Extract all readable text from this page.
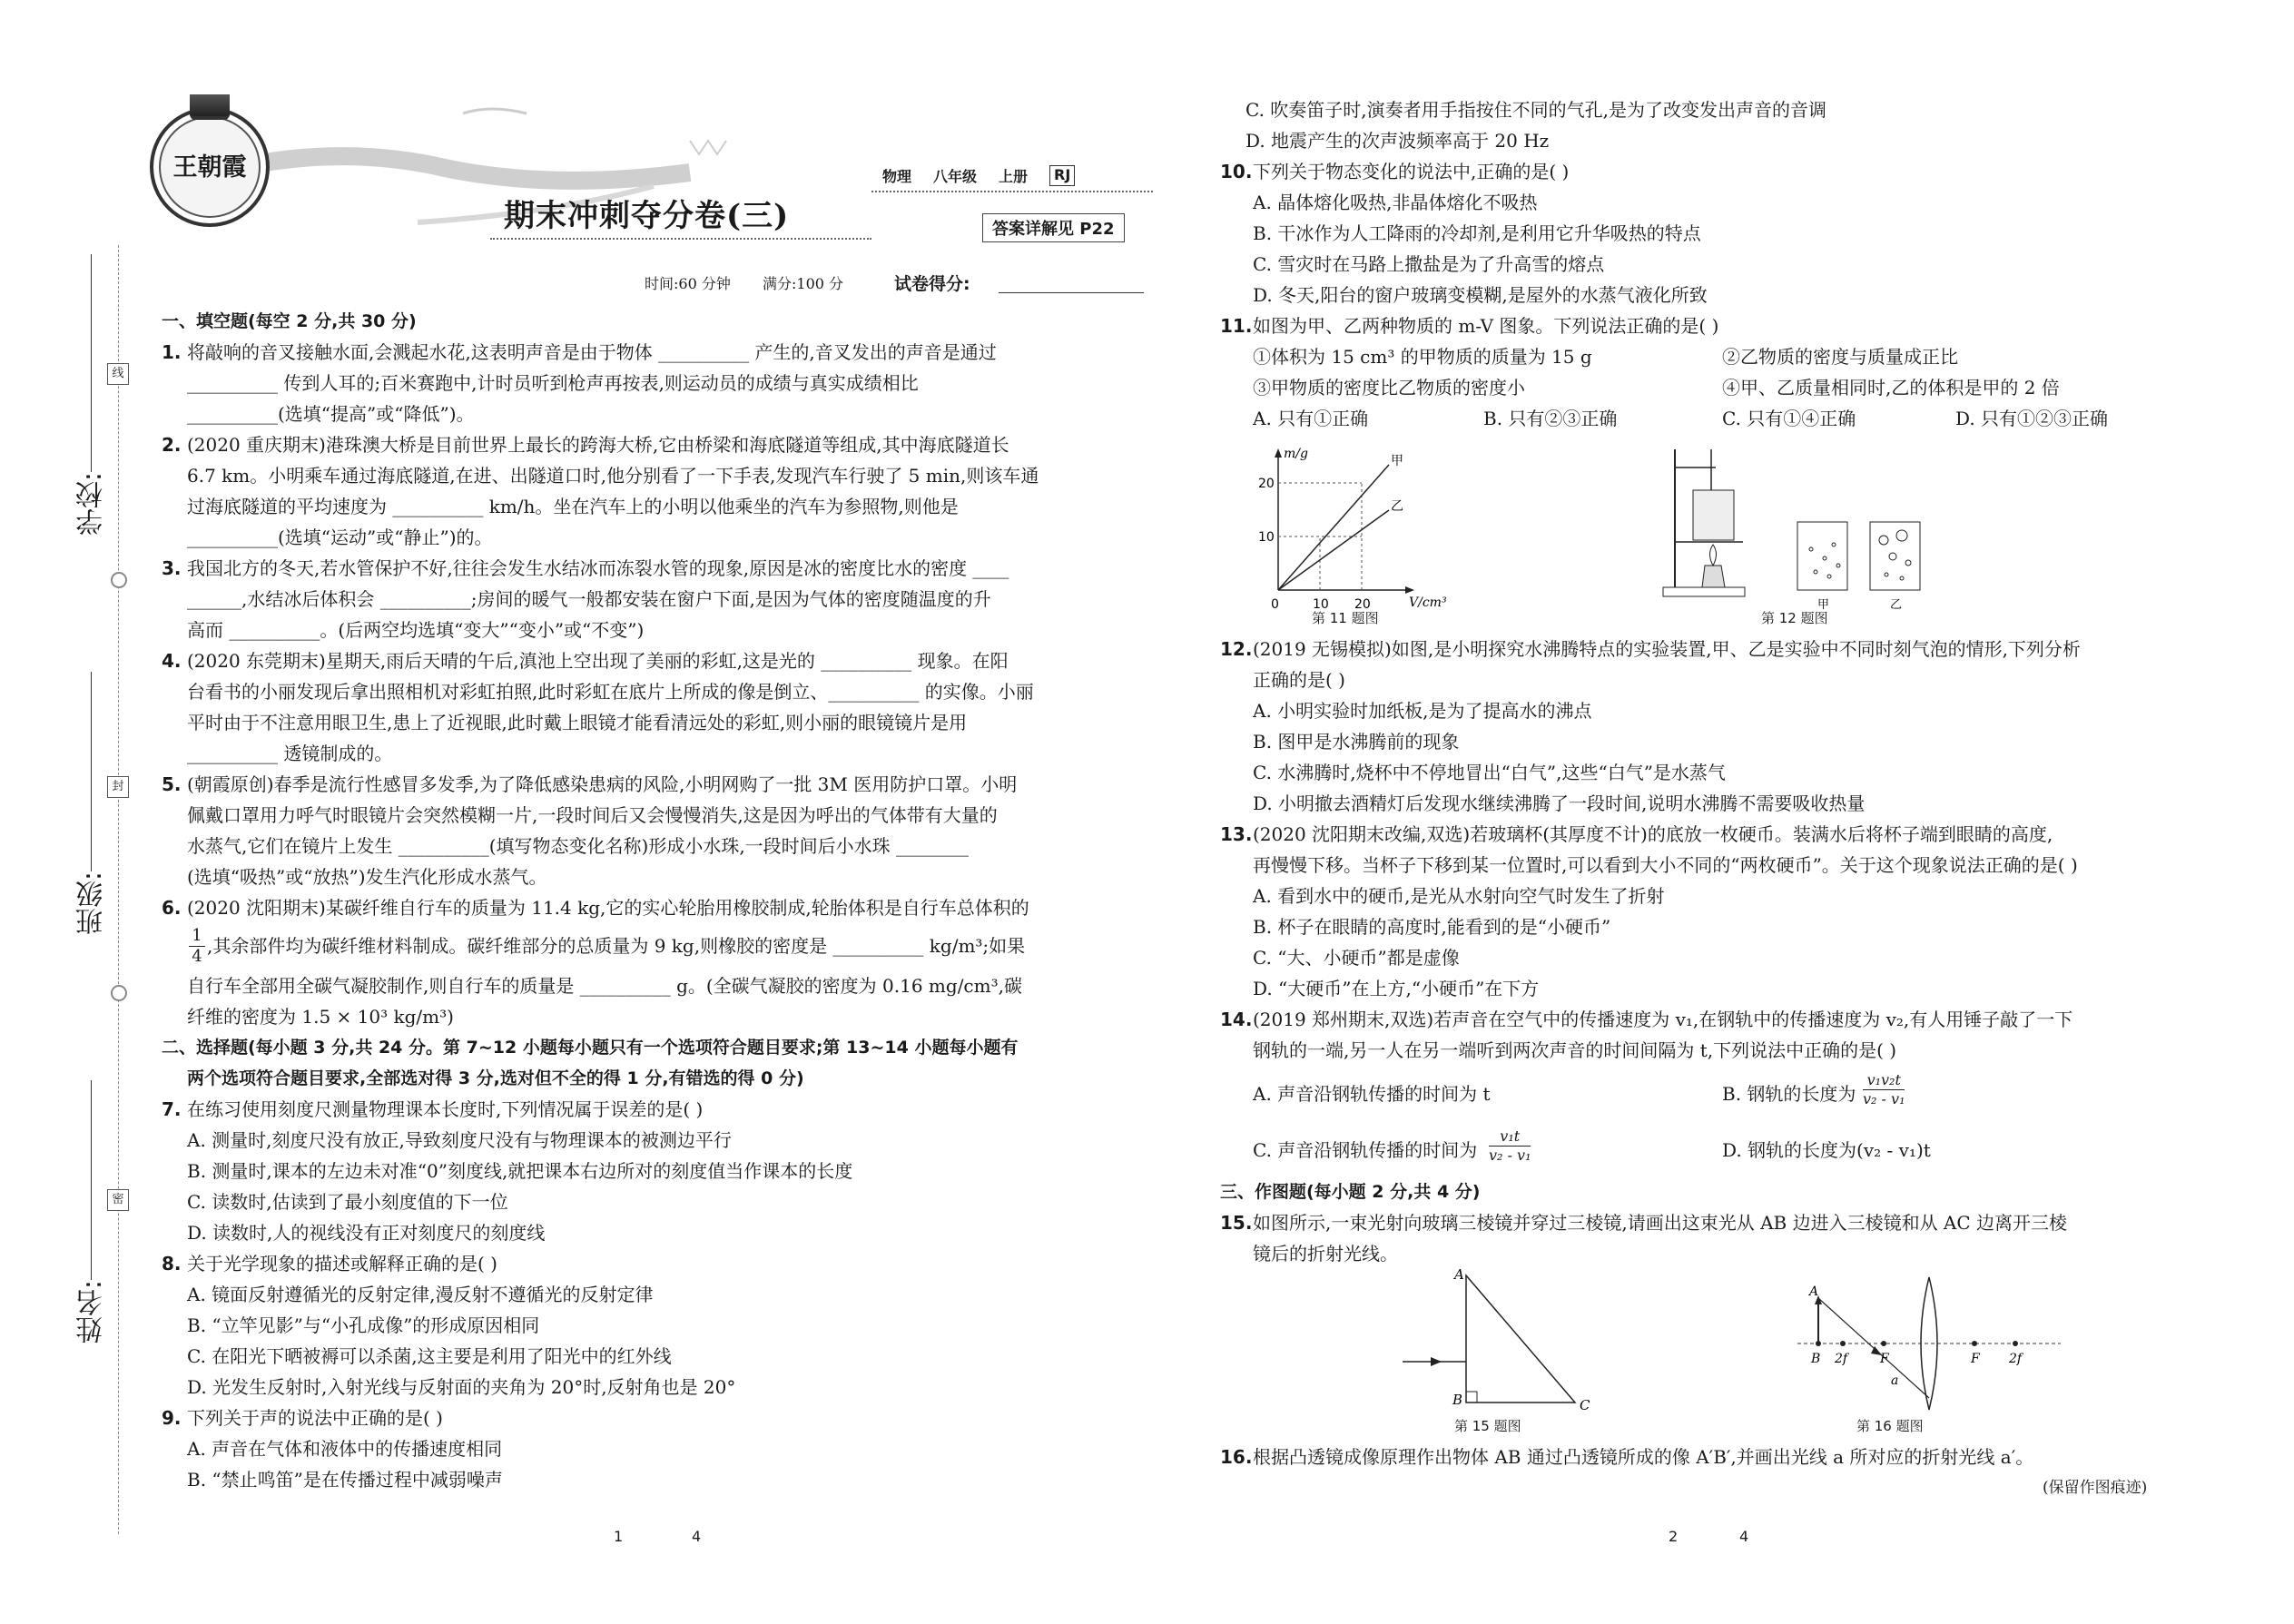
学校:
班级:
姓名:
线
封
密
王朝霞	物理 八年级 上册	RJ
期末冲刺夺分卷(三)	答案详解见 P22
时间:60 分钟 满分:100 分	试卷得分:
一、填空题(每空 2 分,共 30 分)
1. 将敲响的音叉接触水面,会溅起水花,这表明声音是由于物体 __________ 产生的,音叉发出的声音是通过
__________ 传到人耳的;百米赛跑中,计时员听到枪声再按表,则运动员的成绩与真实成绩相比
__________(选填“提高”或“降低”)。
2. (2020 重庆期末)港珠澳大桥是目前世界上最长的跨海大桥,它由桥梁和海底隧道等组成,其中海底隧道长
6.7 km。小明乘车通过海底隧道,在进、出隧道口时,他分别看了一下手表,发现汽车行驶了 5 min,则该车通
过海底隧道的平均速度为 __________ km/h。坐在汽车上的小明以他乘坐的汽车为参照物,则他是
__________(选填“运动”或“静止”)的。
3. 我国北方的冬天,若水管保护不好,往往会发生水结冰而冻裂水管的现象,原因是冰的密度比水的密度 ____
______,水结冰后体积会 __________;房间的暖气一般都安装在窗户下面,是因为气体的密度随温度的升
高而 __________。(后两空均选填“变大”“变小”或“不变”)
4. (2020 东莞期末)星期天,雨后天晴的午后,滇池上空出现了美丽的彩虹,这是光的 __________ 现象。在阳
台看书的小丽发现后拿出照相机对彩虹拍照,此时彩虹在底片上所成的像是倒立、__________ 的实像。小丽
平时由于不注意用眼卫生,患上了近视眼,此时戴上眼镜才能看清远处的彩虹,则小丽的眼镜镜片是用
__________ 透镜制成的。
5. (朝霞原创)春季是流行性感冒多发季,为了降低感染患病的风险,小明网购了一批 3M 医用防护口罩。小明
佩戴口罩用力呼气时眼镜片会突然模糊一片,一段时间后又会慢慢消失,这是因为呼出的气体带有大量的
水蒸气,它们在镜片上发生 __________(填写物态变化名称)形成小水珠,一段时间后小水珠 ________
(选填“吸热”或“放热”)发生汽化形成水蒸气。
6. (2020 沈阳期末)某碳纤维自行车的质量为 11.4 kg,它的实心轮胎用橡胶制成,轮胎体积是自行车总体积的
$\frac{1}{4}$ ,其余部件均为碳纤维材料制成。碳纤维部分的总质量为 9 kg,则橡胶的密度是 __________ kg/m³;如果
自行车全部用全碳气凝胶制作,则自行车的质量是 __________ g。(全碳气凝胶的密度为 0.16 mg/cm³,碳
纤维的密度为 1.5 × 10³ kg/m³)
二、选择题(每小题 3 分,共 24 分。第 7~12 小题每小题只有一个选项符合题目要求;第 13~14 小题每小题有
两个选项符合题目要求,全部选对得 3 分,选对但不全的得 1 分,有错选的得 0 分)
7. 在练习使用刻度尺测量物理课本长度时,下列情况属于误差的是( )
A. 测量时,刻度尺没有放正,导致刻度尺没有与物理课本的被测边平行
B. 测量时,课本的左边未对准“0”刻度线,就把课本右边所对的刻度值当作课本的长度
C. 读数时,估读到了最小刻度值的下一位
D. 读数时,人的视线没有正对刻度尺的刻度线
8. 关于光学现象的描述或解释正确的是( )
A. 镜面反射遵循光的反射定律,漫反射不遵循光的反射定律
B. “立竿见影”与“小孔成像”的形成原因相同
C. 在阳光下晒被褥可以杀菌,这主要是利用了阳光中的红外线
D. 光发生反射时,入射光线与反射面的夹角为 20°时,反射角也是 20°
9. 下列关于声的说法中正确的是( )
A. 声音在气体和液体中的传播速度相同
B. “禁止鸣笛”是在传播过程中减弱噪声
1	4
C. 吹奏笛子时,演奏者用手指按住不同的气孔,是为了改变发出声音的音调
D. 地震产生的次声波频率高于 20 Hz
10. 下列关于物态变化的说法中,正确的是( )
A. 晶体熔化吸热,非晶体熔化不吸热
B. 干冰作为人工降雨的冷却剂,是利用它升华吸热的特点
C. 雪灾时在马路上撒盐是为了升高雪的熔点
D. 冬天,阳台的窗户玻璃变模糊,是屋外的水蒸气液化所致
11. 如图为甲、乙两种物质的 m-V 图象。下列说法正确的是( )
①体积为 15 cm³ 的甲物质的质量为 15 g	②乙物质的密度与质量成正比
③甲物质的密度比乙物质的密度小	④甲、乙质量相同时,乙的体积是甲的 2 倍
A. 只有①正确	B. 只有②③正确	C. 只有①④正确	D. 只有①②③正确
m/g
V/cm³
20
10
0	10 20
甲
乙
第 11 题图
甲	乙
第 12 题图
12. (2019 无锡模拟)如图,是小明探究水沸腾特点的实验装置,甲、乙是实验中不同时刻气泡的情形,下列分析
正确的是( )
A. 小明实验时加纸板,是为了提高水的沸点
B. 图甲是水沸腾前的现象
C. 水沸腾时,烧杯中不停地冒出“白气”,这些“白气”是水蒸气
D. 小明撤去酒精灯后发现水继续沸腾了一段时间,说明水沸腾不需要吸收热量
13. (2020 沈阳期末改编,双选)若玻璃杯(其厚度不计)的底放一枚硬币。装满水后将杯子端到眼睛的高度,
再慢慢下移。当杯子下移到某一位置时,可以看到大小不同的“两枚硬币”。关于这个现象说法正确的是( )
A. 看到水中的硬币,是光从水射向空气时发生了折射
B. 杯子在眼睛的高度时,能看到的是“小硬币”
C. “大、小硬币”都是虚像
D. “大硬币”在上方,“小硬币”在下方
14. (2019 郑州期末,双选)若声音在空气中的传播速度为 v₁,在钢轨中的传播速度为 v₂,有人用锤子敲了一下
钢轨的一端,另一人在另一端听到两次声音的时间间隔为 t,下列说法中正确的是( )
A. 声音沿钢轨传播的时间为 t	B. 钢轨的长度为 $\frac{\text{v₁v₂t}}{\text{v₂ - v₁}}$
C. 声音沿钢轨传播的时间为 $\frac{\text{v₁t}}{\text{v₂ - v₁}}$	D. 钢轨的长度为(v₂ - v₁)t
三、作图题(每小题 2 分,共 4 分)
15. 如图所示,一束光射向玻璃三棱镜并穿过三棱镜,请画出这束光从 AB 边进入三棱镜和从 AC 边离开三棱
镜后的折射光线。
A
B	C
第 15 题图
A
B 2f	F	F 2f
a
第 16 题图
16. 根据凸透镜成像原理作出物体 AB 通过凸透镜所成的像 A′B′,并画出光线 a 所对应的折射光线 a′。
(保留作图痕迹)
2	4
